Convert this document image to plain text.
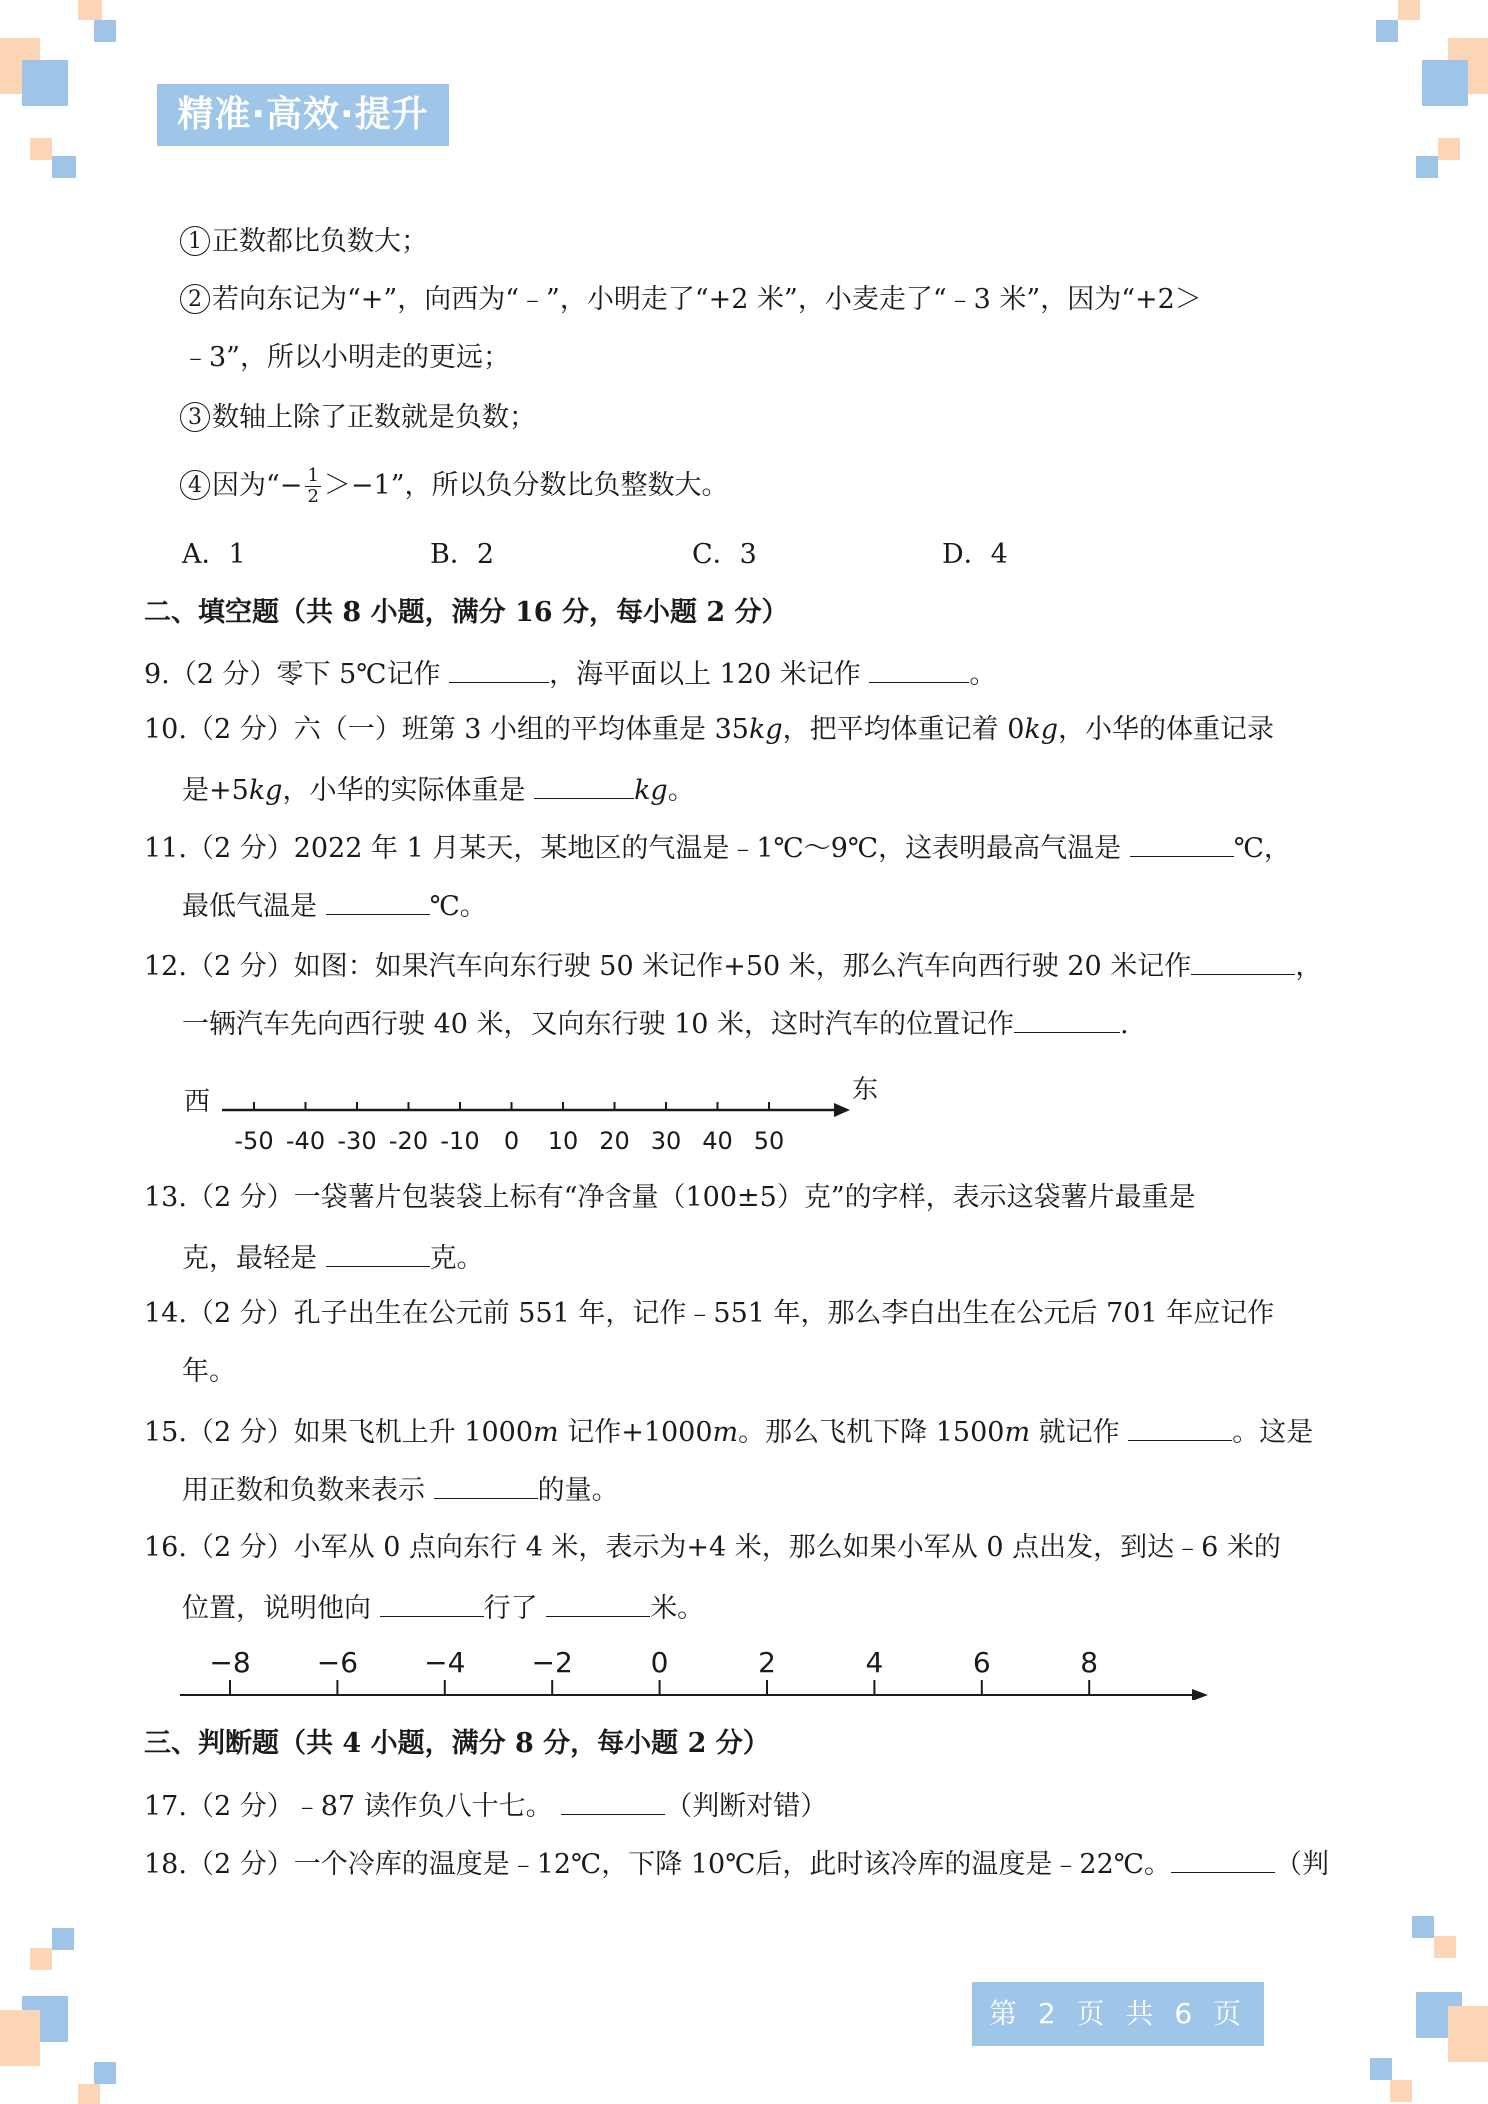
精准·高效·提升
1 正数都比负数大；
2 若向东记为“+”，向西为“﹣”，小明走了“+2 米”，小麦走了“﹣3 米”，因为“+2＞
﹣3”，所以小明走的更远；
3 数轴上除了正数就是负数；
4 因为“− $\frac{1}{2} >-1$”，所以负分数比负整数大。
A．1	B．2	C．3	D．4
二、填空题（共 8 小题，满分 16 分，每小题 2 分）
9.（2 分）零下 5℃记作	，海平面以上 120 米记作	。
10.（2 分）六（一）班第 3 小组的平均体重是 35kg，把平均体重记着 0kg，小华的体重记录
是+5kg，小华的实际体重是	kg。
11.（2 分）2022 年 1 月某天，某地区的气温是﹣1℃～9℃，这表明最高气温是	℃，
最低气温是	℃。
12.（2 分）如图：如果汽车向东行驶 50 米记作+50 米，那么汽车向西行驶 20 米记作	，
一辆汽车先向西行驶 40 米，又向东行驶 10 米，这时汽车的位置记作	.
西	东
-50 -40 -30 -20 -10 0 10 20 30 40 50
13.（2 分）一袋薯片包装袋上标有“净含量（100±5）克”的字样，表示这袋薯片最重是
克，最轻是	克。
14.（2 分）孔子出生在公元前 551 年，记作﹣551 年，那么李白出生在公元后 701 年应记作
年。
15.（2 分）如果飞机上升 1000m 记作+1000m。那么飞机下降 1500m 就记作	。这是
用正数和负数来表示	的量。
16.（2 分）小军从 0 点向东行 4 米，表示为+4 米，那么如果小军从 0 点出发，到达﹣6 米的
位置，说明他向	行了	米。
−8 −6 −4 −2	0	2	4	6	8
三、判断题（共 4 小题，满分 8 分，每小题 2 分）
17.（2 分）﹣87 读作负八十七。	（判断对错）
18.（2 分）一个冷库的温度是﹣12℃，下降 10℃后，此时该冷库的温度是﹣22℃。	（判
第 2 页 共 6 页
